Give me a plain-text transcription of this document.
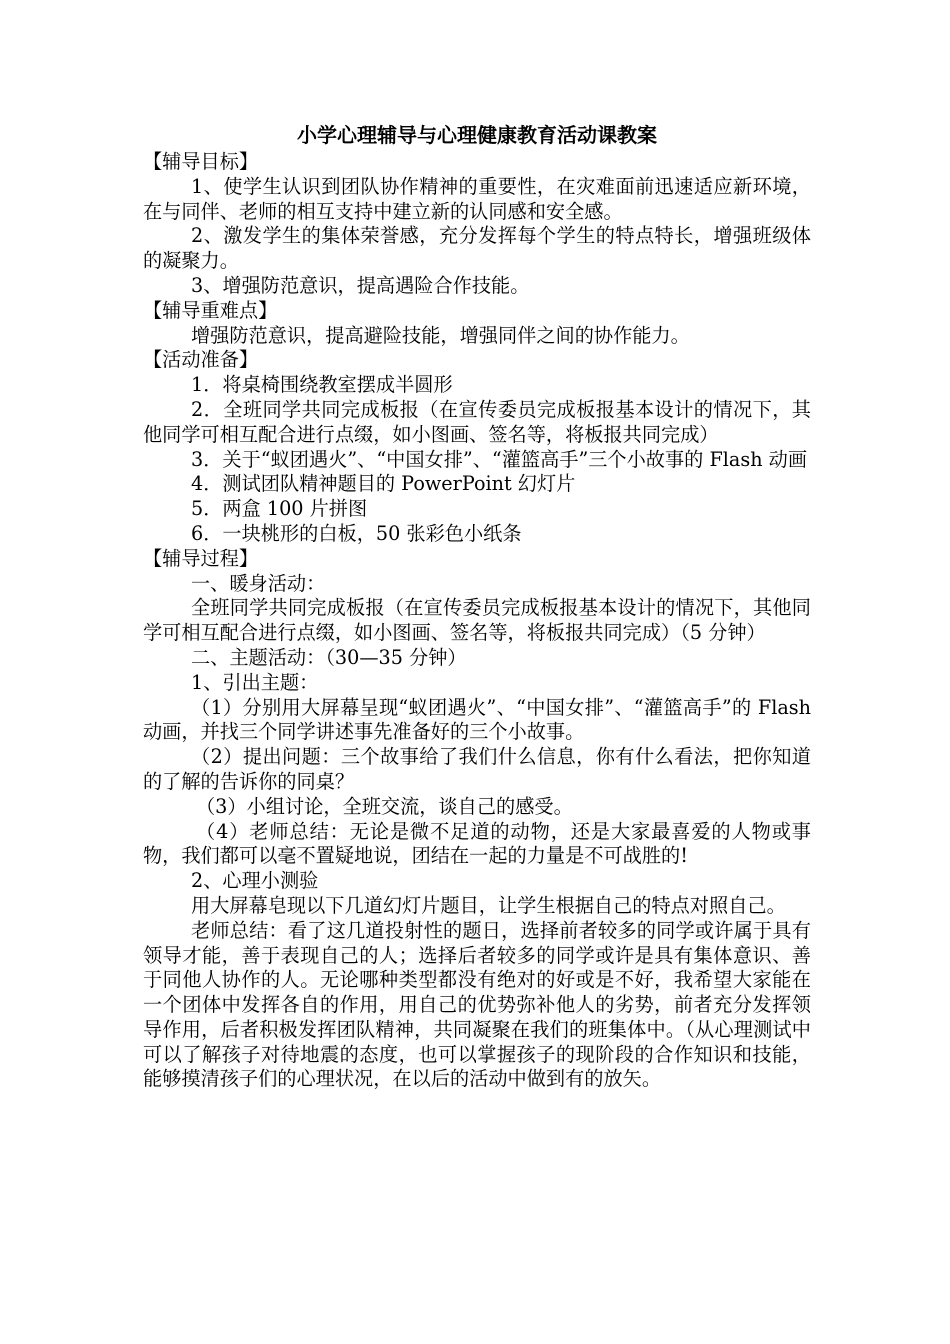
小学心理辅导与心理健康教育活动课教案

【辅导目标】

1、使学生认识到团队协作精神的重要性，在灾难面前迅速适应新环境，在与同伴、老师的相互支持中建立新的认同感和安全感。

2、激发学生的集体荣誉感，充分发挥每个学生的特点特长，增强班级体的凝聚力。

3、增强防范意识，提高遇险合作技能。

【辅导重难点】

增强防范意识，提高避险技能，增强同伴之间的协作能力。

【活动准备】

1．将桌椅围绕教室摆成半圆形

2．全班同学共同完成板报（在宣传委员完成板报基本设计的情况下，其他同学可相互配合进行点缀，如小图画、签名等，将板报共同完成）

3．关于“蚁团遇火”、“中国女排”、“灌篮高手”三个小故事的 Flash 动画

4．测试团队精神题目的 PowerPoint 幻灯片

5．两盒 100 片拼图

6．一块桃形的白板，50 张彩色小纸条

【辅导过程】

一、暖身活动：

全班同学共同完成板报（在宣传委员完成板报基本设计的情况下，其他同学可相互配合进行点缀，如小图画、签名等，将板报共同完成）（5 分钟）

二、主题活动：（30—35 分钟）

1、引出主题：

（1）分别用大屏幕呈现“蚁团遇火”、“中国女排”、“灌篮高手”的 Flash 动画，并找三个同学讲述事先准备好的三个小故事。

（2）提出问题：三个故事给了我们什么信息，你有什么看法，把你知道的了解的告诉你的同桌？

（3）小组讨论，全班交流，谈自己的感受。

（4）老师总结：无论是微不足道的动物，还是大家最喜爱的人物或事物，我们都可以毫不置疑地说，团结在一起的力量是不可战胜的!

2、心理小测验

用大屏幕皂现以下几道幻灯片题目，让学生根据自己的特点对照自己。

老师总结：看了这几道投射性的题日，选择前者较多的同学或许属于具有领导才能，善于表现自己的人；选择后者较多的同学或许是具有集体意识、善于同他人协作的人。无论哪种类型都没有绝对的好或是不好，我希望大家能在一个团体中发挥各自的作用，用自己的优势弥补他人的劣势，前者充分发挥领导作用，后者积极发挥团队精神，共同凝聚在我们的班集体中。（从心理测试中可以了解孩子对待地震的态度，也可以掌握孩子的现阶段的合作知识和技能，能够摸清孩子们的心理状况，在以后的活动中做到有的放矢。
